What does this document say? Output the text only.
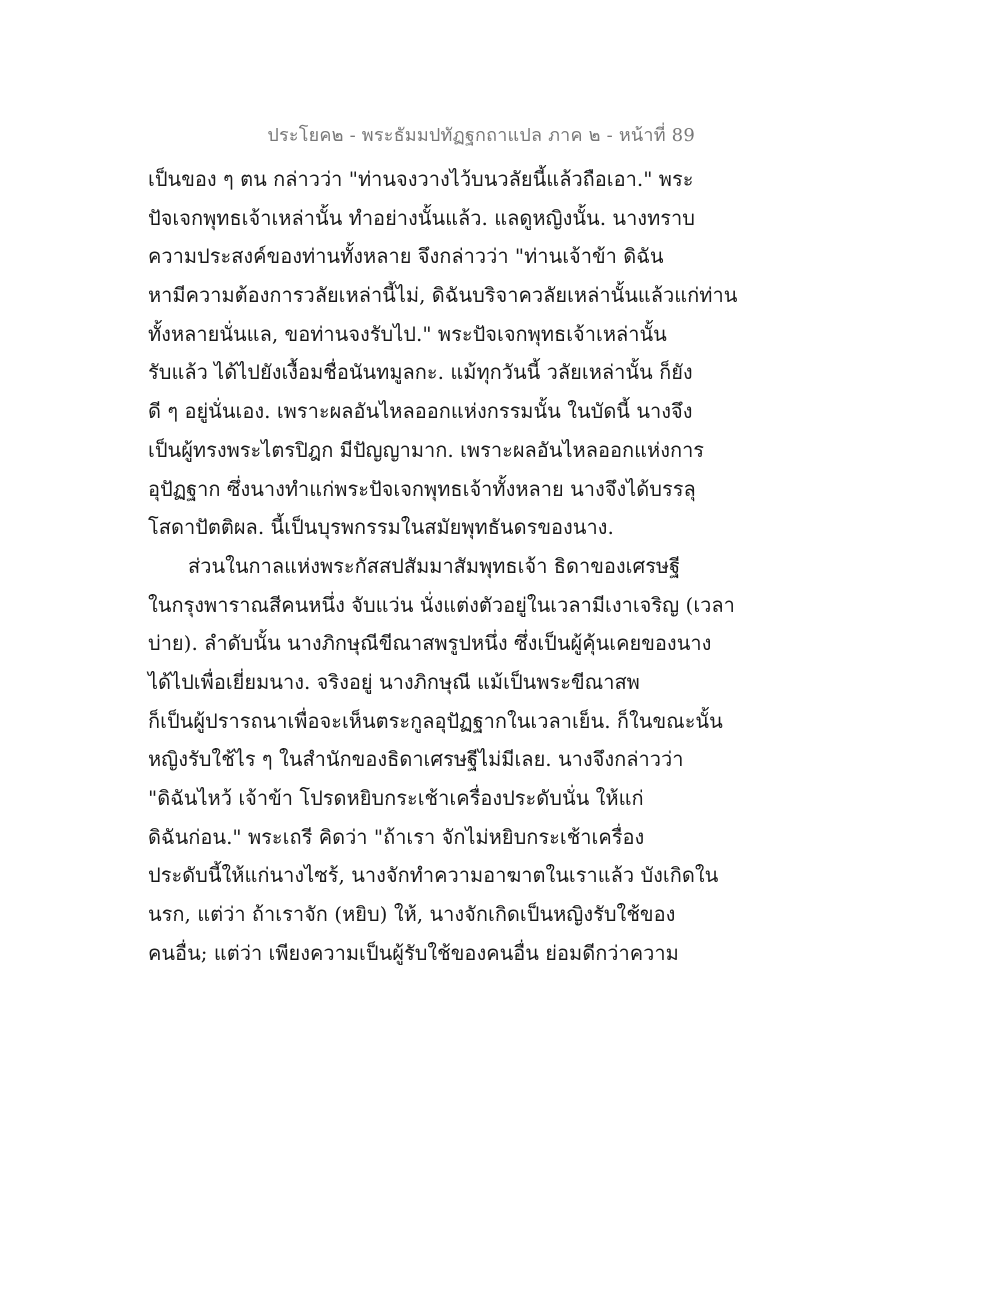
ประโยค๒ - พระธัมมปทัฏฐกถาแปล ภาค ๒ - หน้าที่ 89
เป็นของ ๆ ตน กล่าวว่า "ท่านจงวางไว้บนวลัยนี้แล้วถือเอา." พระ
ปัจเจกพุทธเจ้าเหล่านั้น ทำอย่างนั้นแล้ว. แลดูหญิงนั้น. นางทราบ
ความประสงค์ของท่านทั้งหลาย จึงกล่าวว่า "ท่านเจ้าข้า ดิฉัน
หามีความต้องการวลัยเหล่านี้ไม่, ดิฉันบริจาควลัยเหล่านั้นแล้วแก่ท่าน
ทั้งหลายนั่นแล, ขอท่านจงรับไป." พระปัจเจกพุทธเจ้าเหล่านั้น
รับแล้ว ได้ไปยังเงื้อมชื่อนันทมูลกะ. แม้ทุกวันนี้ วลัยเหล่านั้น ก็ยัง
ดี ๆ อยู่นั่นเอง. เพราะผลอันไหลออกแห่งกรรมนั้น ในบัดนี้ นางจึง
เป็นผู้ทรงพระไตรปิฎก มีปัญญามาก. เพราะผลอันไหลออกแห่งการ
อุปัฏฐาก ซึ่งนางทำแก่พระปัจเจกพุทธเจ้าทั้งหลาย นางจึงได้บรรลุ
โสดาปัตติผล. นี้เป็นบุรพกรรมในสมัยพุทธันดรของนาง.
ส่วนในกาลแห่งพระกัสสปสัมมาสัมพุทธเจ้า ธิดาของเศรษฐี
ในกรุงพาราณสีคนหนึ่ง จับแว่น นั่งแต่งตัวอยู่ในเวลามีเงาเจริญ (เวลา
บ่าย). ลำดับนั้น นางภิกษุณีขีณาสพรูปหนึ่ง ซึ่งเป็นผู้คุ้นเคยของนาง
ได้ไปเพื่อเยี่ยมนาง. จริงอยู่ นางภิกษุณี แม้เป็นพระขีณาสพ
ก็เป็นผู้ปรารถนาเพื่อจะเห็นตระกูลอุปัฏฐากในเวลาเย็น. ก็ในขณะนั้น
หญิงรับใช้ไร ๆ ในสำนักของธิดาเศรษฐีไม่มีเลย. นางจึงกล่าวว่า
"ดิฉันไหว้ เจ้าข้า โปรดหยิบกระเช้าเครื่องประดับนั่น ให้แก่
ดิฉันก่อน." พระเถรี คิดว่า "ถ้าเรา จักไม่หยิบกระเช้าเครื่อง
ประดับนี้ให้แก่นางไซร้, นางจักทำความอาฆาตในเราแล้ว บังเกิดใน
นรก, แต่ว่า ถ้าเราจัก (หยิบ) ให้, นางจักเกิดเป็นหญิงรับใช้ของ
คนอื่น; แต่ว่า เพียงความเป็นผู้รับใช้ของคนอื่น ย่อมดีกว่าความ
